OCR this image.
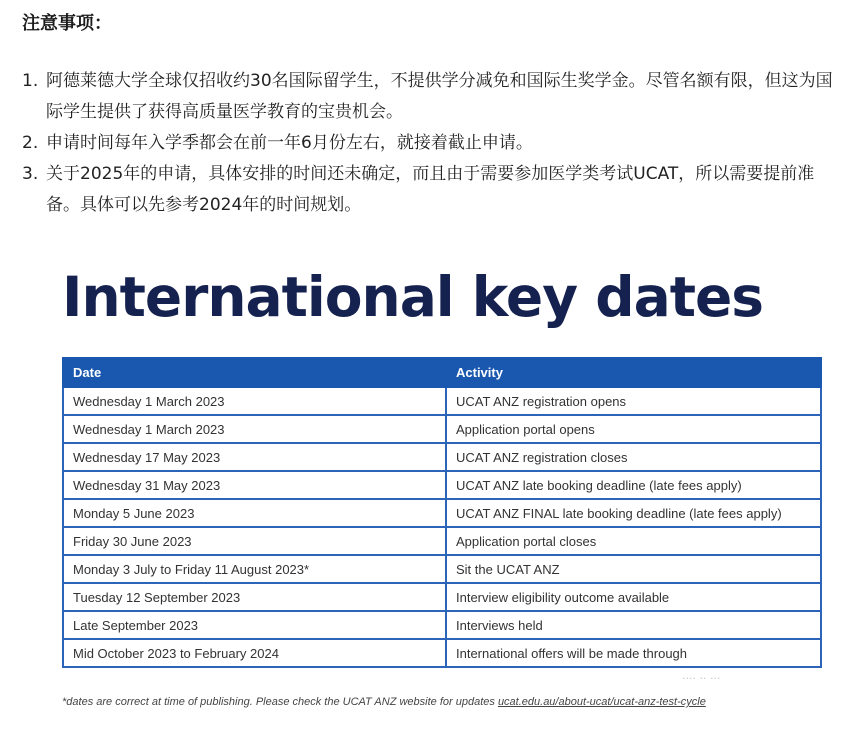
注意事项：
1. 阿德莱德大学全球仅招收约30名国际留学生，不提供学分减免和国际生奖学金。尽管名额有限，但这为国际学生提供了获得高质量医学教育的宝贵机会。
2. 申请时间每年入学季都会在前一年6月份左右，就接着截止申请。
3. 关于2025年的申请，具体安排的时间还未确定，而且由于需要参加医学类考试UCAT，所以需要提前准备。具体可以先参考2024年的时间规划。
International key dates
Date	Activity
Wednesday 1 March 2023	UCAT ANZ registration opens
Wednesday 1 March 2023	Application portal opens
Wednesday 17 May 2023	UCAT ANZ registration closes
Wednesday 31 May 2023	UCAT ANZ late booking deadline (late fees apply)
Monday 5 June 2023	UCAT ANZ FINAL late booking deadline (late fees apply)
Friday 30 June 2023	Application portal closes
Monday 3 July to Friday 11 August 2023*	Sit the UCAT ANZ
Tuesday 12 September 2023	Interview eligibility outcome available
Late September 2023	Interviews held
Mid October 2023 to February 2024	International offers will be made through
···· ·· ···
*dates are correct at time of publishing. Please check the UCAT ANZ website for updates ucat.edu.au/about-ucat/ucat-anz-test-cycle
